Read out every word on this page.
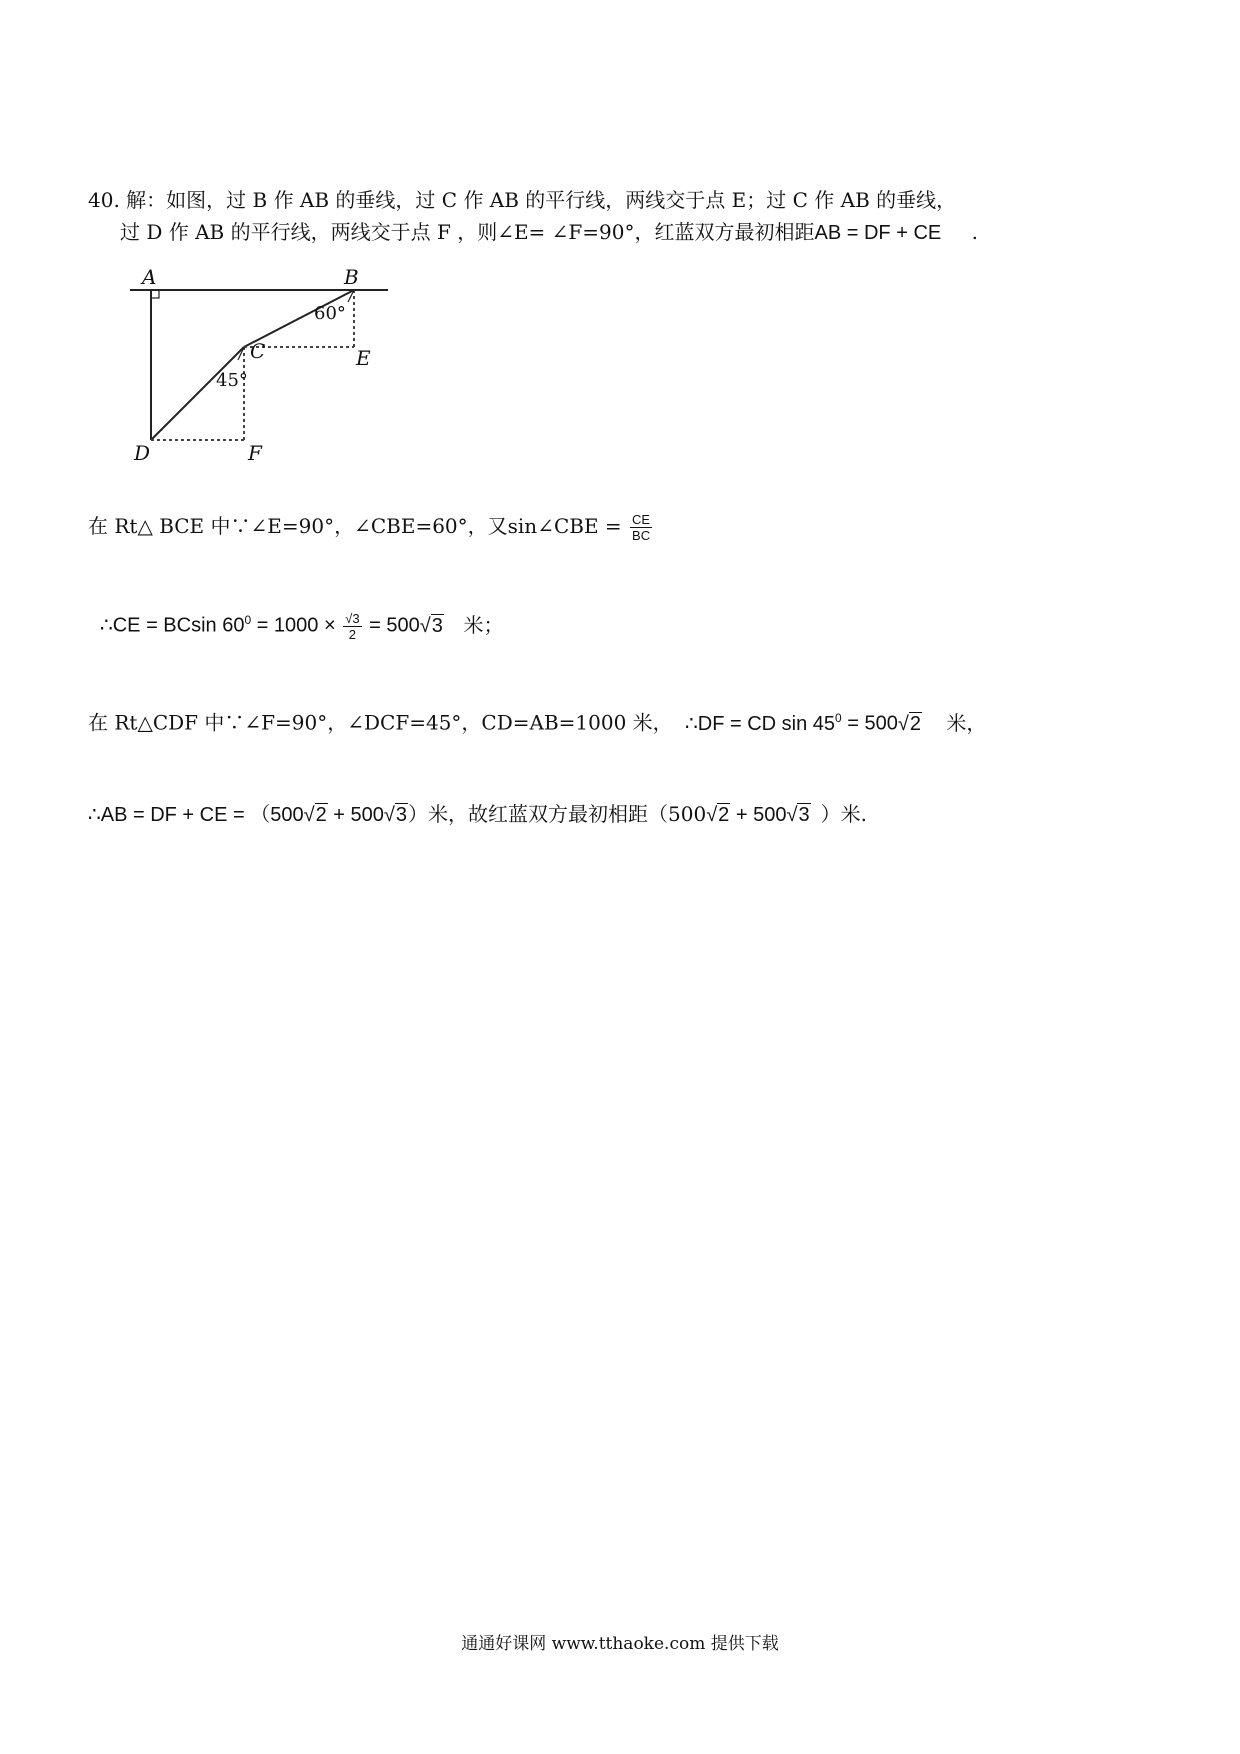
40. 解：如图，过 B 作 AB 的垂线，过 C 作 AB 的平行线，两线交于点 E；过 C 作 AB 的垂线，
过 D 作 AB 的平行线，两线交于点 F ，则∠E= ∠F=90°，红蓝双方最初相距AB = DF + CE .
A	B
C
D
E
F
60°
45°
在 Rt△ BCE 中∵∠E=90°，∠CBE=60°，又sin∠CBE = $\frac{CE}{BC}$
∴CE = BCsin $60^0 = 1000 \times \frac{√3}{2} = 500√3$ 米；
在 Rt△CDF 中∵∠F=90°，∠DCF=45°，CD=AB=1000 米， ∴DF = CD $\sin 45^0 = 500√2$ 米，
∴AB = DF + CE = （500√2 + 500√3）米，故红蓝双方最初相距（500√2 + 500√3 ）米.
通通好课网 www.tthaoke.com 提供下载
